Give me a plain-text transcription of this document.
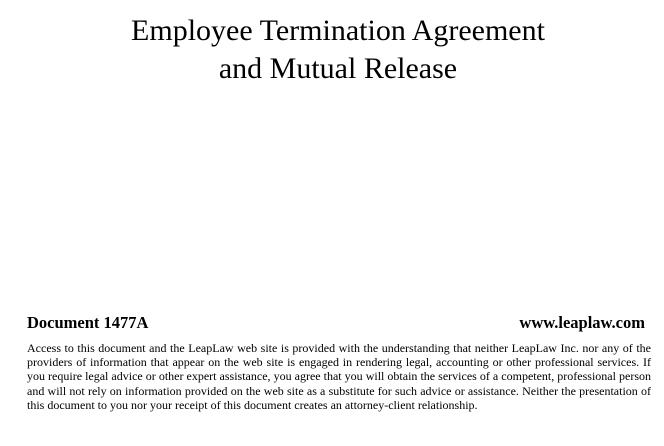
Employee Termination Agreement
and Mutual Release
Document 1477A	www.leaplaw.com

Access to this document and the LeapLaw web site is provided with the understanding that neither LeapLaw Inc. nor any of the providers of information that appear on the web site is engaged in rendering legal, accounting or other professional services. If you require legal advice or other expert assistance, you agree that you will obtain the services of a competent, professional person and will not rely on information provided on the web site as a substitute for such advice or assistance. Neither the presentation of this document to you nor your receipt of this document creates an attorney-client relationship.
